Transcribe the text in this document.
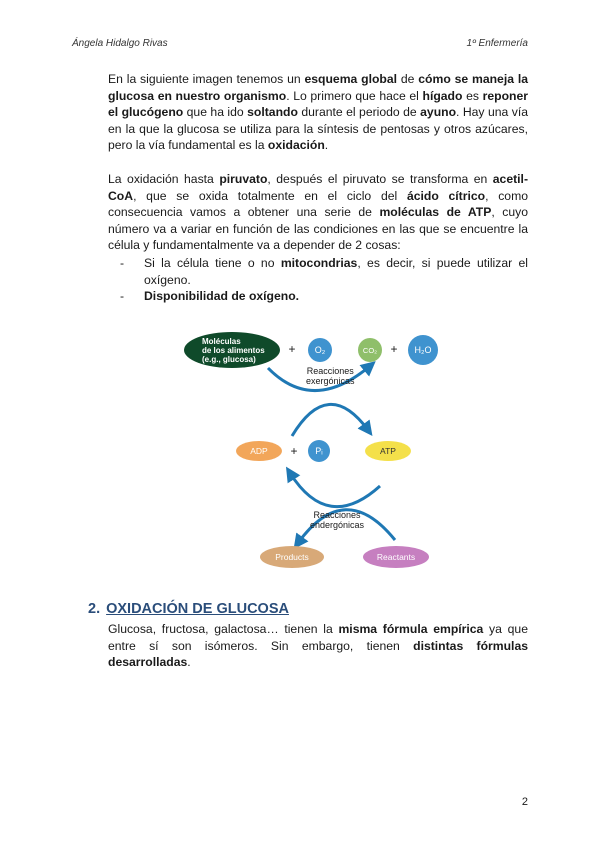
Ángela Hidalgo Rivas	1º Enfermería
En la siguiente imagen tenemos un esquema global de cómo se maneja la glucosa en nuestro organismo. Lo primero que hace el hígado es reponer el glucógeno que ha ido soltando durante el periodo de ayuno. Hay una vía en la que la glucosa se utiliza para la síntesis de pentosas y otros azúcares, pero la vía fundamental es la oxidación.
La oxidación hasta piruvato, después el piruvato se transforma en acetil-CoA, que se oxida totalmente en el ciclo del ácido cítrico, como consecuencia vamos a obtener una serie de moléculas de ATP, cuyo número va a variar en función de las condiciones en las que se encuentre la célula y fundamentalmente va a depender de 2 cosas:
-	Si la célula tiene o no mitocondrias, es decir, si puede utilizar el oxígeno.
-	Disponibilidad de oxígeno.
Moléculas
de los alimentos
(e.g., glucosa)
+	O₂	CO₂	+	H₂O
Reacciones
exergónicas
ADP	+	Pᵢ	ATP
Reacciones
endergónicas
Products	Reactants
2. OXIDACIÓN DE GLUCOSA
Glucosa, fructosa, galactosa… tienen la misma fórmula empírica ya que entre sí son isómeros. Sin embargo, tienen distintas fórmulas desarrolladas.
2
